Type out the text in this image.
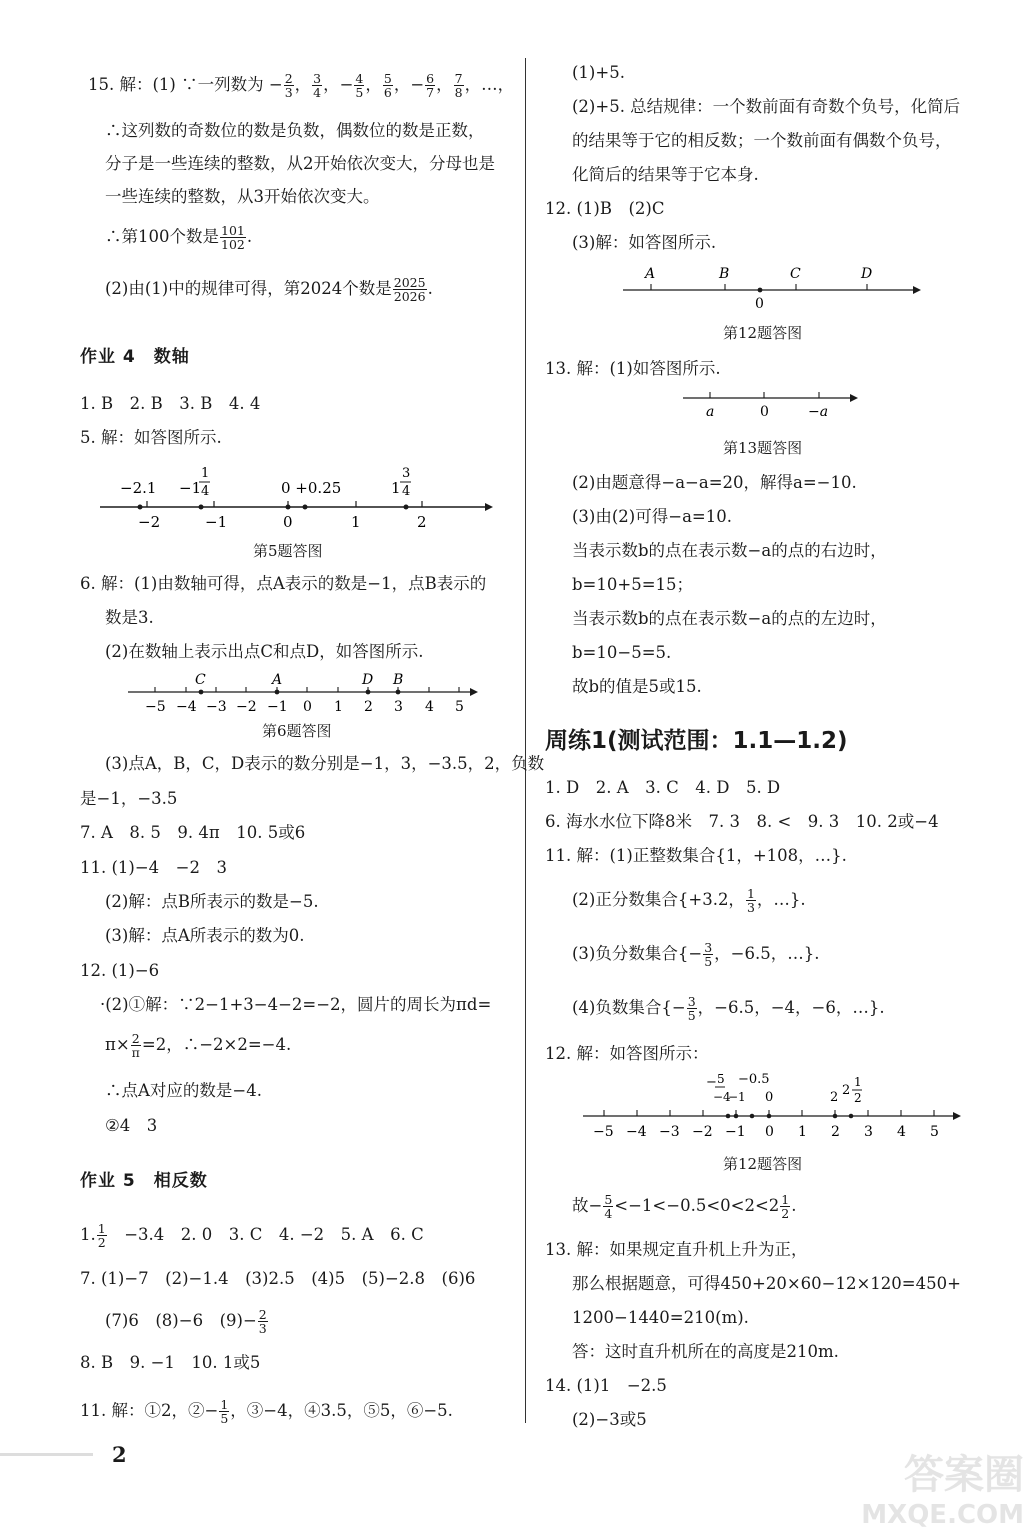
15. 解：(1) ∵一列数为 − $\frac{2}{3}$ ， $\frac{3}{4}$ ，− $\frac{4}{5}$ ， $\frac{5}{6}$ ，− $\frac{6}{7}$ ， $\frac{7}{8}$ ，…，
∴这列数的奇数位的数是负数，偶数位的数是正数，
分子是一些连续的整数，从2开始依次变大，分母也是
一些连续的整数，从3开始依次变大。
∴第100个数是 $\frac{101}{102}$ .
(2)由(1)中的规律可得，第2024个数是 $\frac{2025}{2026}$ .
作业 4　数轴
1. B　2. B　3. B　4. 4
5. 解：如答图所示.
−2.1 −1
1
4	0 +0.25	1
3
4
−2	−1	0	1	2
第5题答图
6. 解：(1)由数轴可得，点A表示的数是−1，点B表示的
数是3.
(2)在数轴上表示出点C和点D，如答图所示.
C	A	D B
−5 −4 −3 −2 −1 0 1 2 3 4 5
第6题答图
(3)点A，B，C，D表示的数分别是−1，3，−3.5，2，负数
是−1，−3.5
7. A　8. 5　9. 4π　10. 5或6
11. (1)−4　−2　3
(2)解：点B所表示的数是−5.
(3)解：点A所表示的数为0.
12. (1)−6
·(2)①解：∵2−1+3−4−2=−2，圆片的周长为πd=
$\pi\times \frac{2}{\pi} =2$，∴−2×2=−4.
∴点A对应的数是−4.
②4　3
作业 5　相反数
1. $\frac{1}{2}$ 　−3.4　2. 0　3. C　4. −2　5. A　6. C
7. (1)−7　(2)−1.4　(3)2.5　(4)5　(5)−2.8　(6)6
(7)6　(8)−6　$(9)- \frac{2}{3}$
8. B　9. −1　10. 1或5
11. 解：①2，②− $\frac{1}{5}$ ，③−4，④3.5，⑤5，⑥−5.
(1)+5.
(2)+5. 总结规律：一个数前面有奇数个负号，化简后
的结果等于它的相反数；一个数前面有偶数个负号，
化简后的结果等于它本身.
12. (1)B　(2)C
(3)解：如答图所示.
A	B	C	D
0
第12题答图
13. 解：(1)如答图所示.
a	0	−a
第13题答图
(2)由题意得−a−a=20，解得a=−10.
(3)由(2)可得−a=10.
当表示数b的点在表示数−a的点的右边时，
b=10+5=15；
当表示数b的点在表示数−a的点的左边时，
b=10−5=5.
故b的值是5或15.
周练1(测试范围：1.1—1.2)
1. D　2. A　3. C　4. D　5. D
6. 海水水位下降8米　7. 3　8. <　9. 3　10. 2或−4
11. 解：(1)正整数集合{1，+108，…}.
(2)正分数集合{+3.2， $\frac{1}{3}$ ，…}.
(3)负分数集合{− $\frac{3}{5}$ ，−6.5，…}.
(4)负数集合{− $\frac{3}{5}$ ，−6.5，−4，−6，…}.
12. 解：如答图所示：
− 5
−4
−0.5
−1 0	2 2
1
2
−5 −4 −3 −2 −1 0 1 2 3 4 5
第12题答图
故− $\frac{5}{4} <-1<-0.5<0<2<2 \frac{1}{2}$ .
13. 解：如果规定直升机上升为正，
那么根据题意，可得450+20×60−12×120=450+
1200−1440=210(m).
答：这时直升机所在的高度是210m.
14. (1)1　−2.5
(2)−3或5
2	答案圈
MXQE.COM
